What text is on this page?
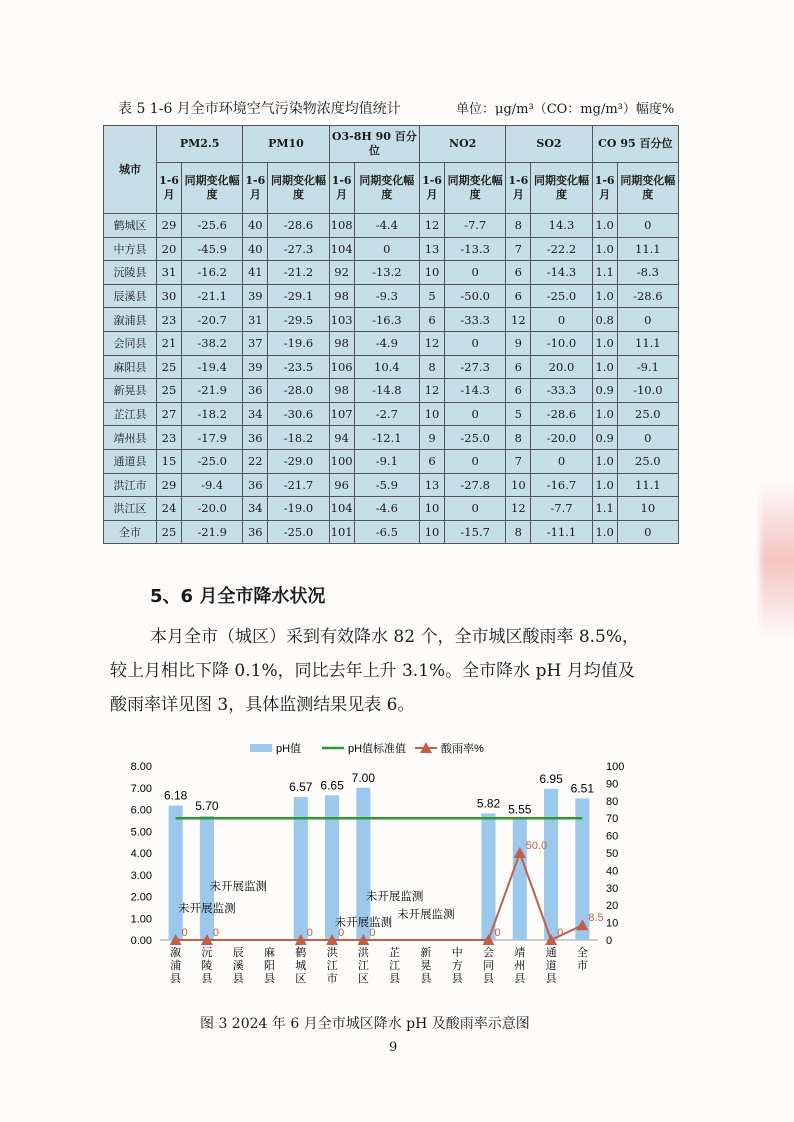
表 5 1-6 月全市环境空气污染物浓度均值统计	单位：μg/m³（CO：mg/m³）幅度%
城市	PM2.5		PM10		O3-8H 90 百分位		NO2		SO2		CO 95 百分位	
	1-6 月	同期变化幅度	1-6 月	同期变化幅度	1-6 月	同期变化幅度	1-6 月	同期变化幅度	1-6 月	同期变化幅度	1-6 月	同期变化幅度
鹤城区	29	-25.6	40	-28.6	108	-4.4	12	-7.7	8	14.3	1.0	0
中方县	20	-45.9	40	-27.3	104	0	13	-13.3	7	-22.2	1.0	11.1
沅陵县	31	-16.2	41	-21.2	92	-13.2	10	0	6	-14.3	1.1	-8.3
辰溪县	30	-21.1	39	-29.1	98	-9.3	5	-50.0	6	-25.0	1.0	-28.6
溆浦县	23	-20.7	31	-29.5	103	-16.3	6	-33.3	12	0	0.8	0
会同县	21	-38.2	37	-19.6	98	-4.9	12	0	9	-10.0	1.0	11.1
麻阳县	25	-19.4	39	-23.5	106	10.4	8	-27.3	6	20.0	1.0	-9.1
新晃县	25	-21.9	36	-28.0	98	-14.8	12	-14.3	6	-33.3	0.9	-10.0
芷江县	27	-18.2	34	-30.6	107	-2.7	10	0	5	-28.6	1.0	25.0
靖州县	23	-17.9	36	-18.2	94	-12.1	9	-25.0	8	-20.0	0.9	0
通道县	15	-25.0	22	-29.0	100	-9.1	6	0	7	0	1.0	25.0
洪江市	29	-9.4	36	-21.7	96	-5.9	13	-27.8	10	-16.7	1.0	11.1
洪江区	24	-20.0	34	-19.0	104	-4.6	10	0	12	-7.7	1.1	10
全市	25	-21.9	36	-25.0	101	-6.5	10	-15.7	8	-11.1	1.0	0
5、6 月全市降水状况
本月全市（城区）采到有效降水 82 个，全市城区酸雨率 8.5%，
较上月相比下降 0.1%，同比去年上升 3.1%。全市降水 pH 月均值及
酸雨率详见图 3，具体监测结果见表 6。
0.00
1.00
2.00
3.00
4.00
5.00
6.00
7.00
8.00
0
10
20
30
40
50
60
70
80
90
100
0 0	0 0 0	0
50.0
0
8.5
6.18
5.70
6.57 6.65
7.00
5.82 5.55
6.95
6.51
未开展监测
未开展监测
未开展监测
未开展监测
未开展监测
溆
浦
县
沅
陵
县
辰
溪
县
麻
阳
县
鹤
城
区
洪
江
市
洪
江
区
芷
江
县
新
晃
县
中
方
县
会
同
县
靖
州
县
通
道
县
全
市
pH值	pH值标准值	酸雨率%
图 3 2024 年 6 月全市城区降水 pH 及酸雨率示意图
9
